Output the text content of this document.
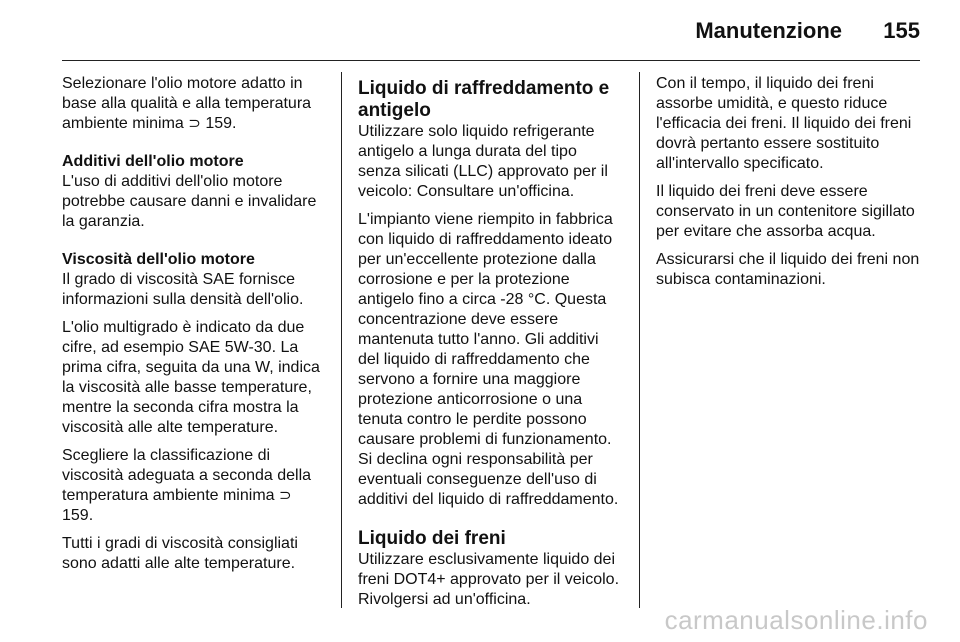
Manutenzione 155

Selezionare l'olio motore adatto in base alla qualità e alla temperatura ambiente minima ⊃ 159.

Additivi dell'olio motore
L'uso di additivi dell'olio motore potrebbe causare danni e invalidare la garanzia.

Viscosità dell'olio motore
Il grado di viscosità SAE fornisce informazioni sulla densità dell'olio.

L'olio multigrado è indicato da due cifre, ad esempio SAE 5W-30. La prima cifra, seguita da una W, indica la viscosità alle basse temperature, mentre la seconda cifra mostra la viscosità alle alte temperature.

Scegliere la classificazione di viscosità adeguata a seconda della temperatura ambiente minima ⊃ 159.

Tutti i gradi di viscosità consigliati sono adatti alle alte temperature.

Liquido di raffreddamento e antigelo

Utilizzare solo liquido refrigerante antigelo a lunga durata del tipo senza silicati (LLC) approvato per il veicolo: Consultare un'officina.

L'impianto viene riempito in fabbrica con liquido di raffreddamento ideato per un'eccellente protezione dalla corrosione e per la protezione antigelo fino a circa -28 °C. Questa concentrazione deve essere mantenuta tutto l'anno. Gli additivi del liquido di raffreddamento che servono a fornire una maggiore protezione anticorrosione o una tenuta contro le perdite possono causare problemi di funzionamento. Si declina ogni responsabilità per eventuali conseguenze dell'uso di additivi del liquido di raffreddamento.

Liquido dei freni

Utilizzare esclusivamente liquido dei freni DOT4+ approvato per il veicolo. Rivolgersi ad un'officina.

Con il tempo, il liquido dei freni assorbe umidità, e questo riduce l'efficacia dei freni. Il liquido dei freni dovrà pertanto essere sostituito all'intervallo specificato.

Il liquido dei freni deve essere conservato in un contenitore sigillato per evitare che assorba acqua.

Assicurarsi che il liquido dei freni non subisca contaminazioni.

carmanualsonline.info
